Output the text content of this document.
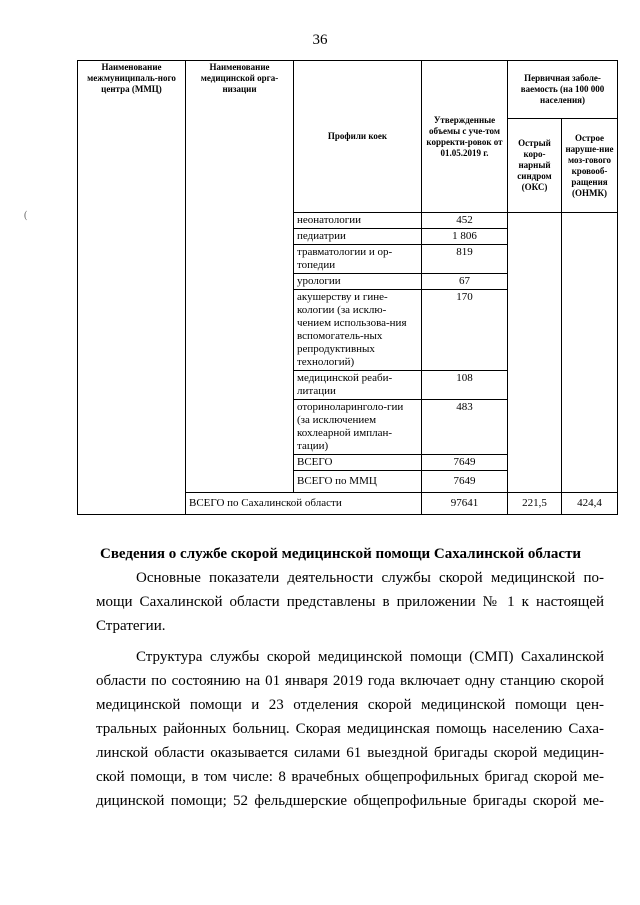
36
(
Наименование межмуниципаль-ного центра (ММЦ)	Наименование медицинской орга-низации	Профили коек	Утвержденные объемы с уче-том корректи-ровок от 01.05.2019 г.	Первичная заболе-ваемость (на 100 000 населения)	
				Острый коро-нарный синдром (ОКС)	Острое наруше-ние моз-гового кровооб-ращения (ОНМК)
		неонатологии	452		
		педиатрии	1 806		
		травматологии и ор-топедии	819		
		урологии	67		
		акушерству и гине-кологии (за исклю-чением использова-ния вспомогатель-ных репродуктивных технологий)	170		
		медицинской реаби-литации	108		
		оториноларинголо-гии (за исключением кохлеарной имплан-тации)	483		
		ВСЕГО	7649		
		ВСЕГО по ММЦ	7649		
	ВСЕГО по Сахалинской области		97641	221,5	424,4
Сведения о службе скорой медицинской помощи Сахалинской области
Основные показатели деятельности службы скорой медицинской по-
мощи Сахалинской области представлены в приложении № 1 к настоящей
Стратегии.
Структура службы скорой медицинской помощи (СМП) Сахалинской
области по состоянию на 01 января 2019 года включает одну станцию скорой
медицинской помощи и 23 отделения скорой медицинской помощи цен-
тральных районных больниц. Скорая медицинская помощь населению Саха-
линской области оказывается силами 61 выездной бригады скорой медицин-
ской помощи, в том числе: 8 врачебных общепрофильных бригад скорой ме-
дицинской помощи; 52 фельдшерские общепрофильные бригады скорой ме-
